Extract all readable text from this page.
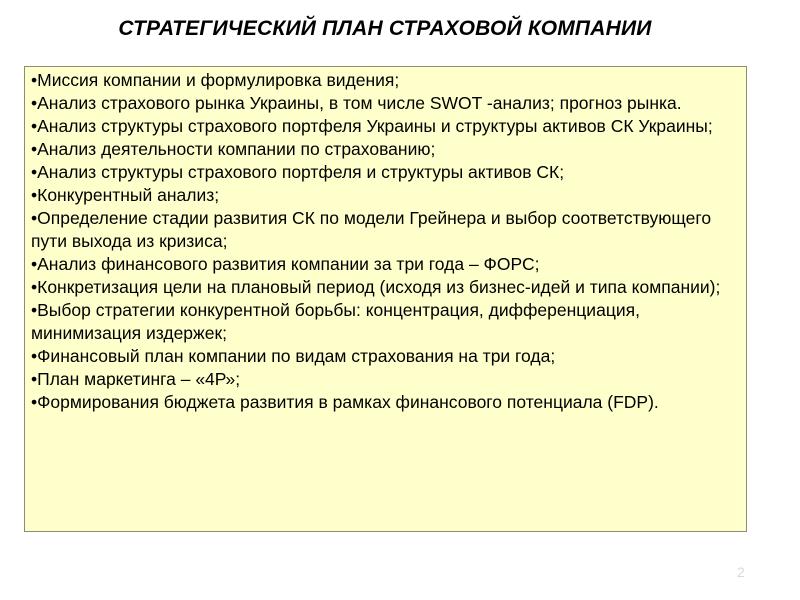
СТРАТЕГИЧЕСКИЙ ПЛАН СТРАХОВОЙ КОМПАНИИ
•Миссия компании и формулировка видения;
•Анализ страхового рынка Украины, в том числе SWOT -анализ; прогноз рынка.
•Анализ структуры страхового портфеля Украины и структуры активов СК Украины;
•Анализ деятельности компании по страхованию;
•Анализ структуры страхового портфеля и структуры активов СК;
•Конкурентный анализ;
•Определение стадии развития СК по модели Грейнера и выбор соответствующего пути выхода из кризиса;
•Анализ финансового развития компании за три года – ФОРС;
•Конкретизация цели на плановый период (исходя из бизнес-идей и типа компании);
•Выбор стратегии конкурентной борьбы: концентрация, дифференциация, минимизация издержек;
•Финансовый план компании по видам страхования на три года;
•План маркетинга – «4Р»;
•Формирования бюджета развития в рамках финансового потенциала (FDP).
2
